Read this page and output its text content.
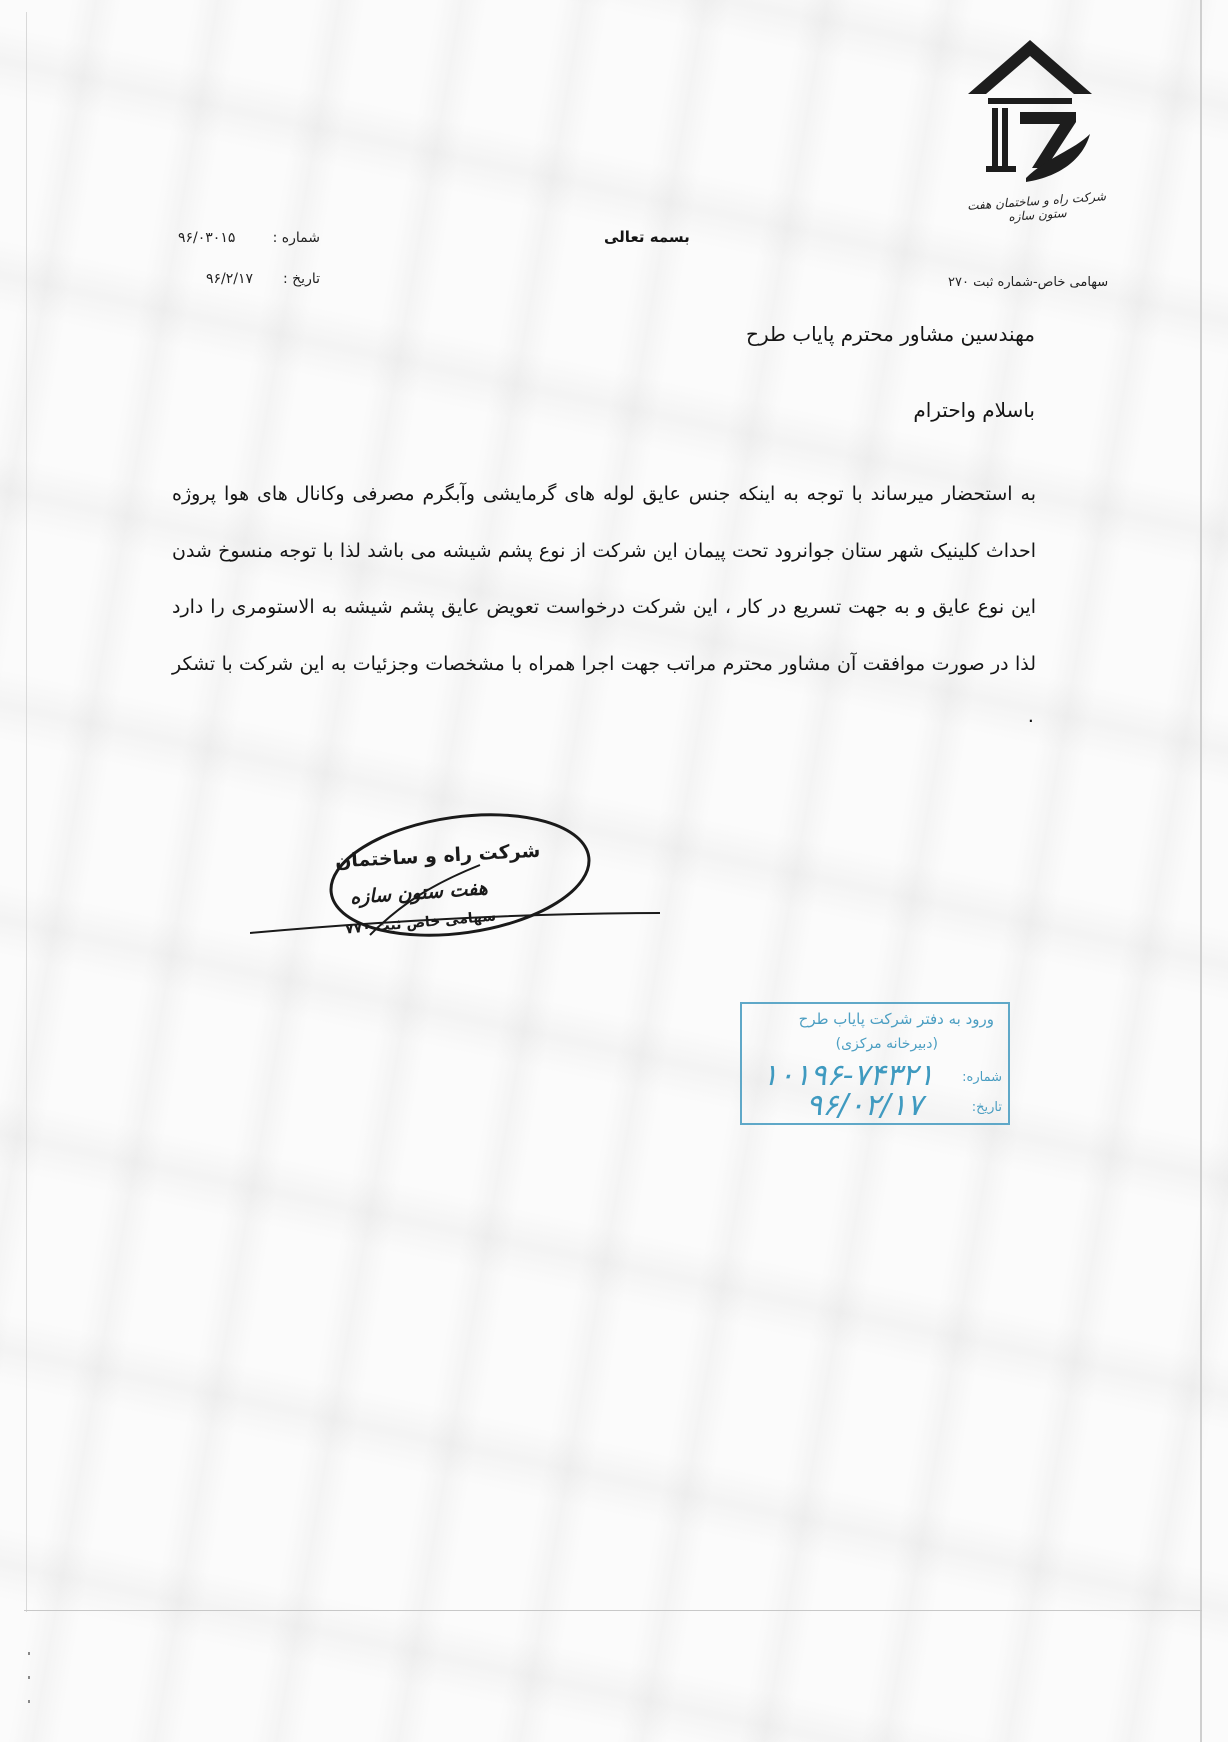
شرکت راه و ساختمان هفت ستون سازه
شماره :
۹۶/۰۳۰۱۵
تاریخ :
۹۶/۲/۱۷
بسمه تعالی
سهامی خاص-شماره ثبت ۲۷۰
مهندسین مشاور محترم پایاب طرح
باسلام واحترام
به استحضار میرساند با توجه به اینکه جنس عایق لوله های گرمایشی وآبگرم مصرفی وکانال های هوا پروژه احداث کلینیک شهر ستان جوانرود تحت پیمان این شرکت از نوع پشم شیشه می باشد لذا با توجه منسوخ شدن این نوع عایق و به جهت تسریع در کار ، این شرکت درخواست تعویض عایق پشم شیشه به الاستومری را دارد لذا در صورت موافقت آن مشاور محترم مراتب جهت اجرا همراه با مشخصات وجزئیات به این شرکت با تشکر ٠
شرکت راه و ساختمان
هفت ستون سازه
سهامی خاص ثبت ۷۷۰
ورود به دفتر شرکت پایاب طرح
(دبیرخانه مرکزی)
شماره:
۱۰۱۹۶-۷۴۳۲۱
تاریخ:
۹۶/۰۲/۱۷
